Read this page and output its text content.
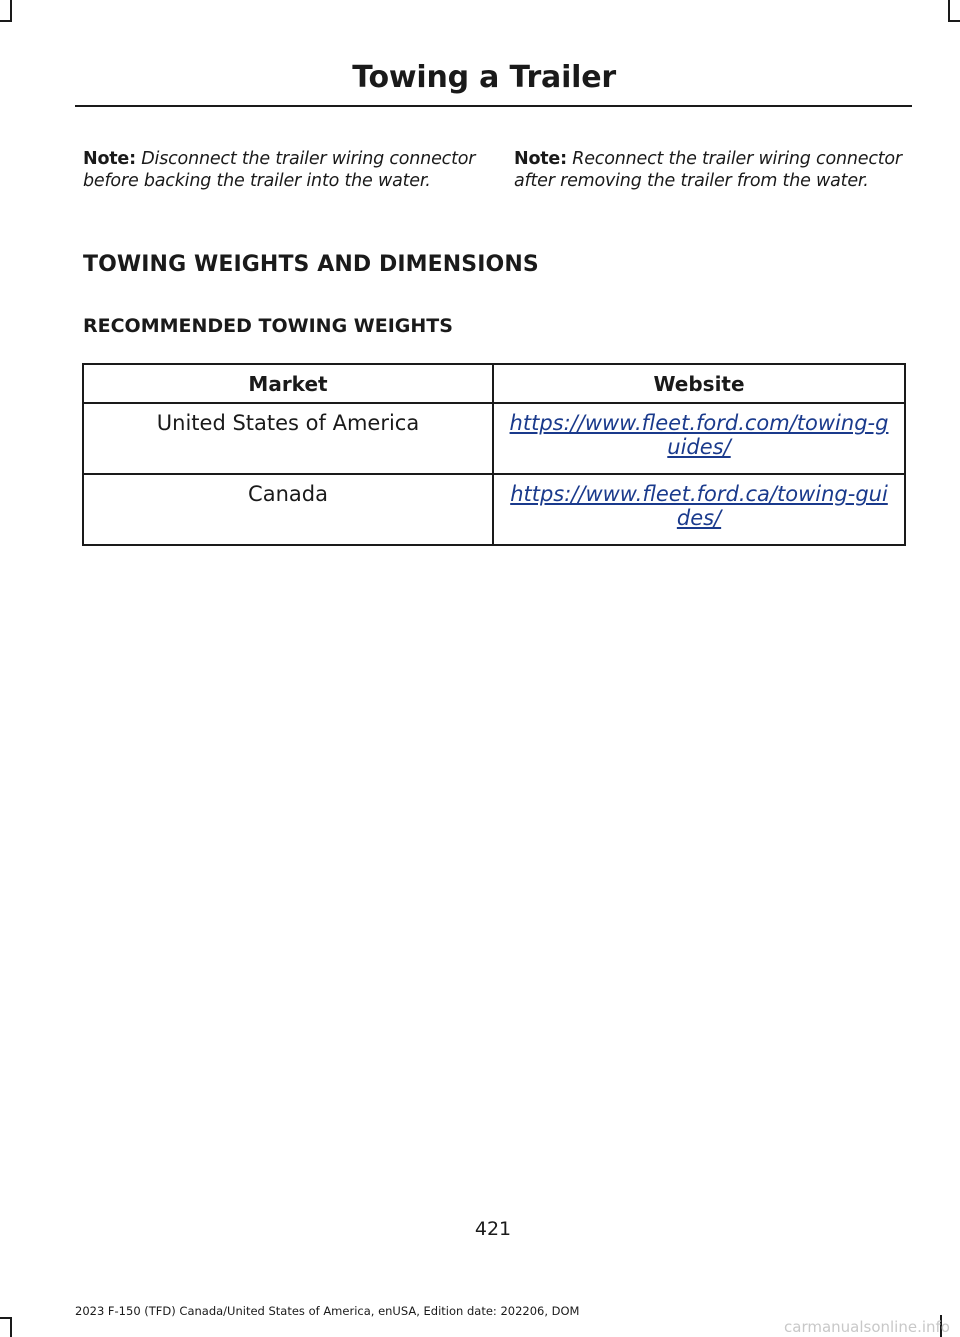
Towing a Trailer
Note: Disconnect the trailer wiring connector before backing the trailer into the water.
Note: Reconnect the trailer wiring connector after removing the trailer from the water.
TOWING WEIGHTS AND DIMENSIONS
RECOMMENDED TOWING WEIGHTS
Market	Website
United States of America	https://www.fleet.ford.com/towing-guides/
Canada	https://www.fleet.ford.ca/towing-guides/
421
2023 F-150 (TFD) Canada/United States of America, enUSA, Edition date: 202206, DOM
carmanualsonline.info
